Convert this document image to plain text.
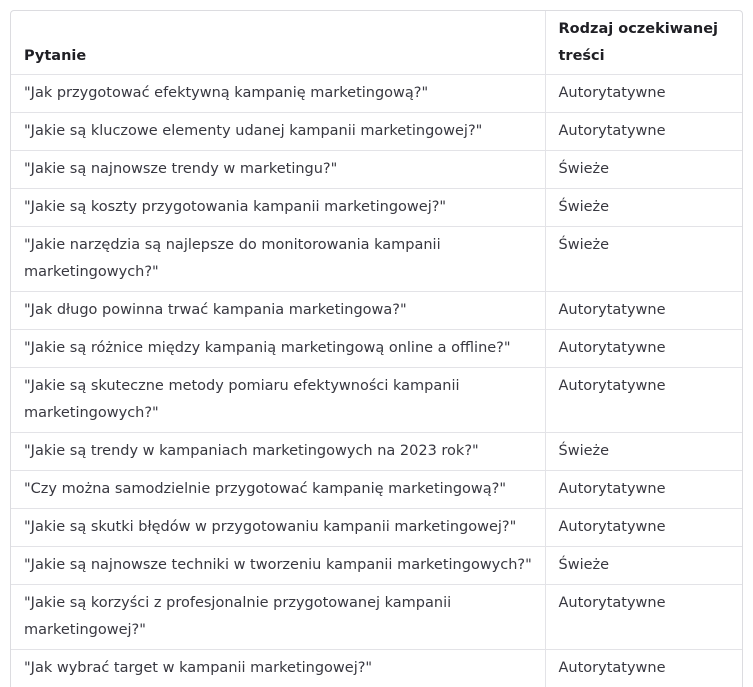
Pytanie	Rodzaj oczekiwanej treści
"Jak przygotować efektywną kampanię marketingową?"	Autorytatywne
"Jakie są kluczowe elementy udanej kampanii marketingowej?"	Autorytatywne
"Jakie są najnowsze trendy w marketingu?"	Świeże
"Jakie są koszty przygotowania kampanii marketingowej?"	Świeże
"Jakie narzędzia są najlepsze do monitorowania kampanii marketingowych?"	Świeże
"Jak długo powinna trwać kampania marketingowa?"	Autorytatywne
"Jakie są różnice między kampanią marketingową online a offline?"	Autorytatywne
"Jakie są skuteczne metody pomiaru efektywności kampanii marketingowych?"	Autorytatywne
"Jakie są trendy w kampaniach marketingowych na 2023 rok?"	Świeże
"Czy można samodzielnie przygotować kampanię marketingową?"	Autorytatywne
"Jakie są skutki błędów w przygotowaniu kampanii marketingowej?"	Autorytatywne
"Jakie są najnowsze techniki w tworzeniu kampanii marketingowych?"	Świeże
"Jakie są korzyści z profesjonalnie przygotowanej kampanii marketingowej?"	Autorytatywne
"Jak wybrać target w kampanii marketingowej?"	Autorytatywne
